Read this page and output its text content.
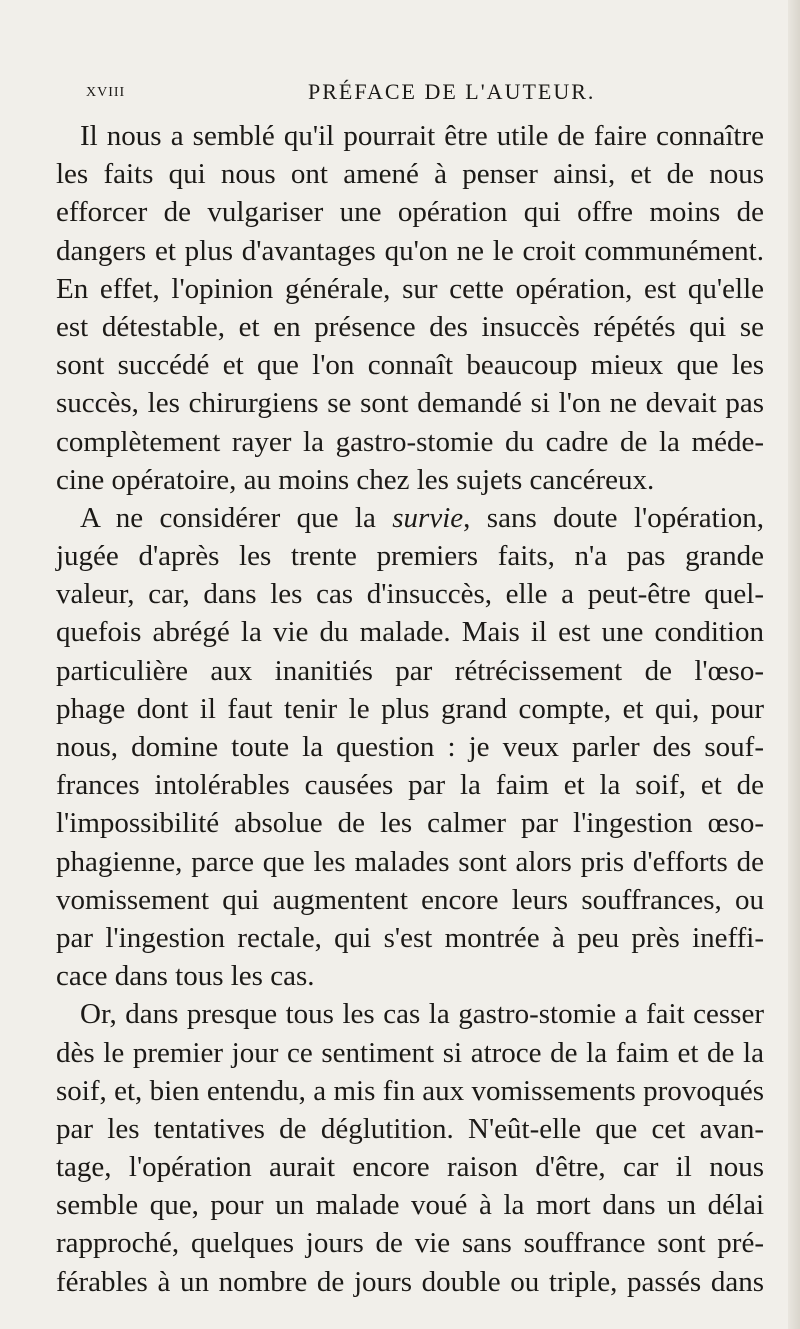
xviii	PRÉFACE DE L'AUTEUR.
Il nous a semblé qu'il pourrait être utile de faire connaître
les faits qui nous ont amené à penser ainsi, et de nous
efforcer de vulgariser une opération qui offre moins de
dangers et plus d'avantages qu'on ne le croit communément.
En effet, l'opinion générale, sur cette opération, est qu'elle
est détestable, et en présence des insuccès répétés qui se
sont succédé et que l'on connaît beaucoup mieux que les
succès, les chirurgiens se sont demandé si l'on ne devait pas
complètement rayer la gastro-stomie du cadre de la méde-
cine opératoire, au moins chez les sujets cancéreux.
A ne considérer que la survie, sans doute l'opération,
jugée d'après les trente premiers faits, n'a pas grande
valeur, car, dans les cas d'insuccès, elle a peut-être quel-
quefois abrégé la vie du malade. Mais il est une condition
particulière aux inanitiés par rétrécissement de l'œso-
phage dont il faut tenir le plus grand compte, et qui, pour
nous, domine toute la question : je veux parler des souf-
frances intolérables causées par la faim et la soif, et de
l'impossibilité absolue de les calmer par l'ingestion œso-
phagienne, parce que les malades sont alors pris d'efforts de
vomissement qui augmentent encore leurs souffrances, ou
par l'ingestion rectale, qui s'est montrée à peu près ineffi-
cace dans tous les cas.
Or, dans presque tous les cas la gastro-stomie a fait cesser
dès le premier jour ce sentiment si atroce de la faim et de la
soif, et, bien entendu, a mis fin aux vomissements provoqués
par les tentatives de déglutition. N'eût-elle que cet avan-
tage, l'opération aurait encore raison d'être, car il nous
semble que, pour un malade voué à la mort dans un délai
rapproché, quelques jours de vie sans souffrance sont pré-
férables à un nombre de jours double ou triple, passés dans
